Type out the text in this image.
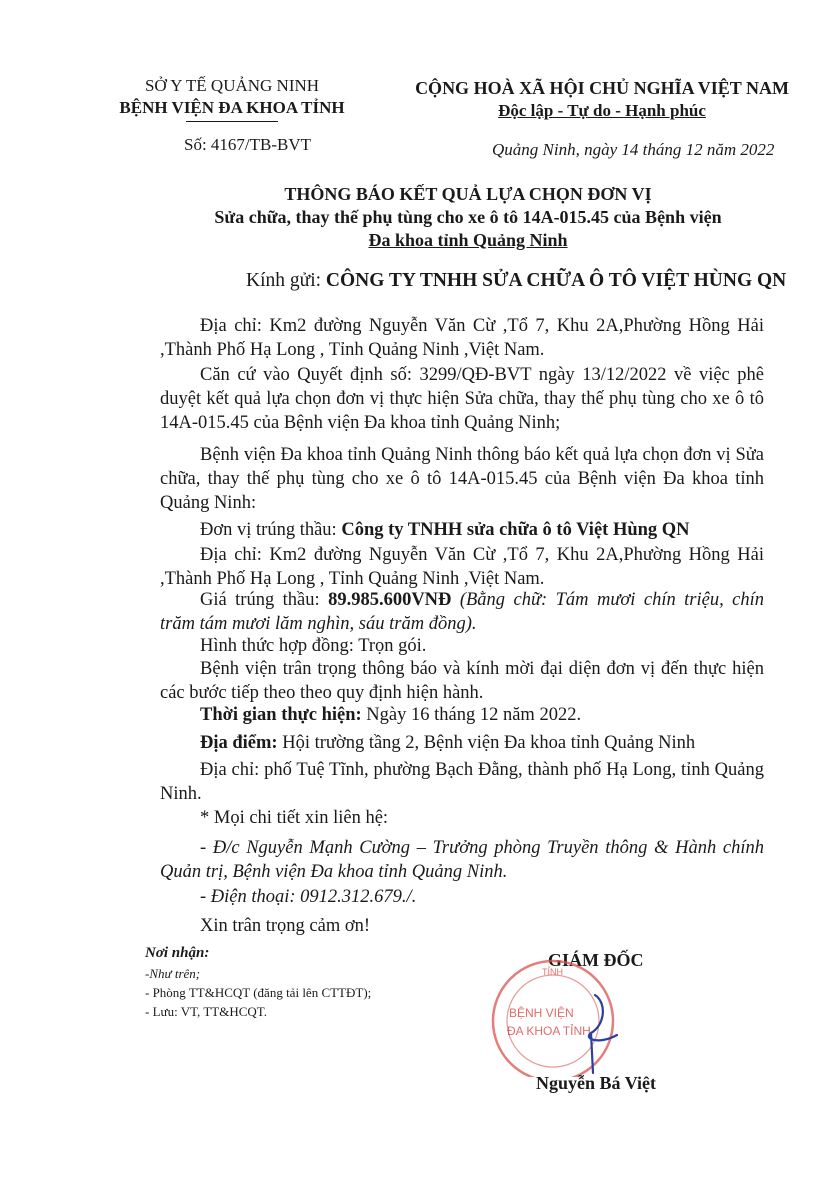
SỞ Y TẾ QUẢNG NINH
BỆNH VIỆN ĐA KHOA TỈNH
Số: 4167/TB-BVT
CỘNG HOÀ XÃ HỘI CHỦ NGHĨA VIỆT NAM
Độc lập - Tự do - Hạnh phúc
Quảng Ninh, ngày 14 tháng 12 năm 2022
THÔNG BÁO KẾT QUẢ LỰA CHỌN ĐƠN VỊ
Sửa chữa, thay thế phụ tùng cho xe ô tô 14A-015.45 của Bệnh viện
Đa khoa tỉnh Quảng Ninh
Kính gửi: CÔNG TY TNHH SỬA CHỮA Ô TÔ VIỆT HÙNG QN
Địa chỉ: Km2 đường Nguyễn Văn Cừ ,Tổ 7, Khu 2A,Phường Hồng Hải ,Thành Phố Hạ Long , Tỉnh Quảng Ninh ,Việt Nam.
Căn cứ vào Quyết định số: 3299/QĐ-BVT ngày 13/12/2022 về việc phê duyệt kết quả lựa chọn đơn vị thực hiện Sửa chữa, thay thế phụ tùng cho xe ô tô 14A-015.45 của Bệnh viện Đa khoa tỉnh Quảng Ninh;
Bệnh viện Đa khoa tỉnh Quảng Ninh thông báo kết quả lựa chọn đơn vị Sửa chữa, thay thế phụ tùng cho xe ô tô 14A-015.45 của Bệnh viện Đa khoa tỉnh Quảng Ninh:
Đơn vị trúng thầu: Công ty TNHH sửa chữa ô tô Việt Hùng QN
Địa chỉ: Km2 đường Nguyễn Văn Cừ ,Tổ 7, Khu 2A,Phường Hồng Hải ,Thành Phố Hạ Long , Tỉnh Quảng Ninh ,Việt Nam.
Giá trúng thầu: 89.985.600VNĐ (Bằng chữ: Tám mươi chín triệu, chín trăm tám mươi lăm nghìn, sáu trăm đồng).
Hình thức hợp đồng: Trọn gói.
Bệnh viện trân trọng thông báo và kính mời đại diện đơn vị đến thực hiện các bước tiếp theo theo quy định hiện hành.
Thời gian thực hiện: Ngày 16 tháng 12 năm 2022.
Địa điểm: Hội trường tầng 2, Bệnh viện Đa khoa tỉnh Quảng Ninh
Địa chỉ: phố Tuệ Tĩnh, phường Bạch Đằng, thành phố Hạ Long, tỉnh Quảng Ninh.
* Mọi chi tiết xin liên hệ:
- Đ/c Nguyễn Mạnh Cường – Trưởng phòng Truyền thông & Hành chính Quản trị, Bệnh viện Đa khoa tỉnh Quảng Ninh.
- Điện thoại: 0912.312.679./.
Xin trân trọng cảm ơn!
Nơi nhận:
-Như trên;
- Phòng TT&HCQT (đăng tải lên CTTĐT);
- Lưu: VT, TT&HCQT.
GIÁM ĐỐC
TỈNH
BỆNH VIỆN
ĐA KHOA TỈNH
Nguyễn Bá Việt
